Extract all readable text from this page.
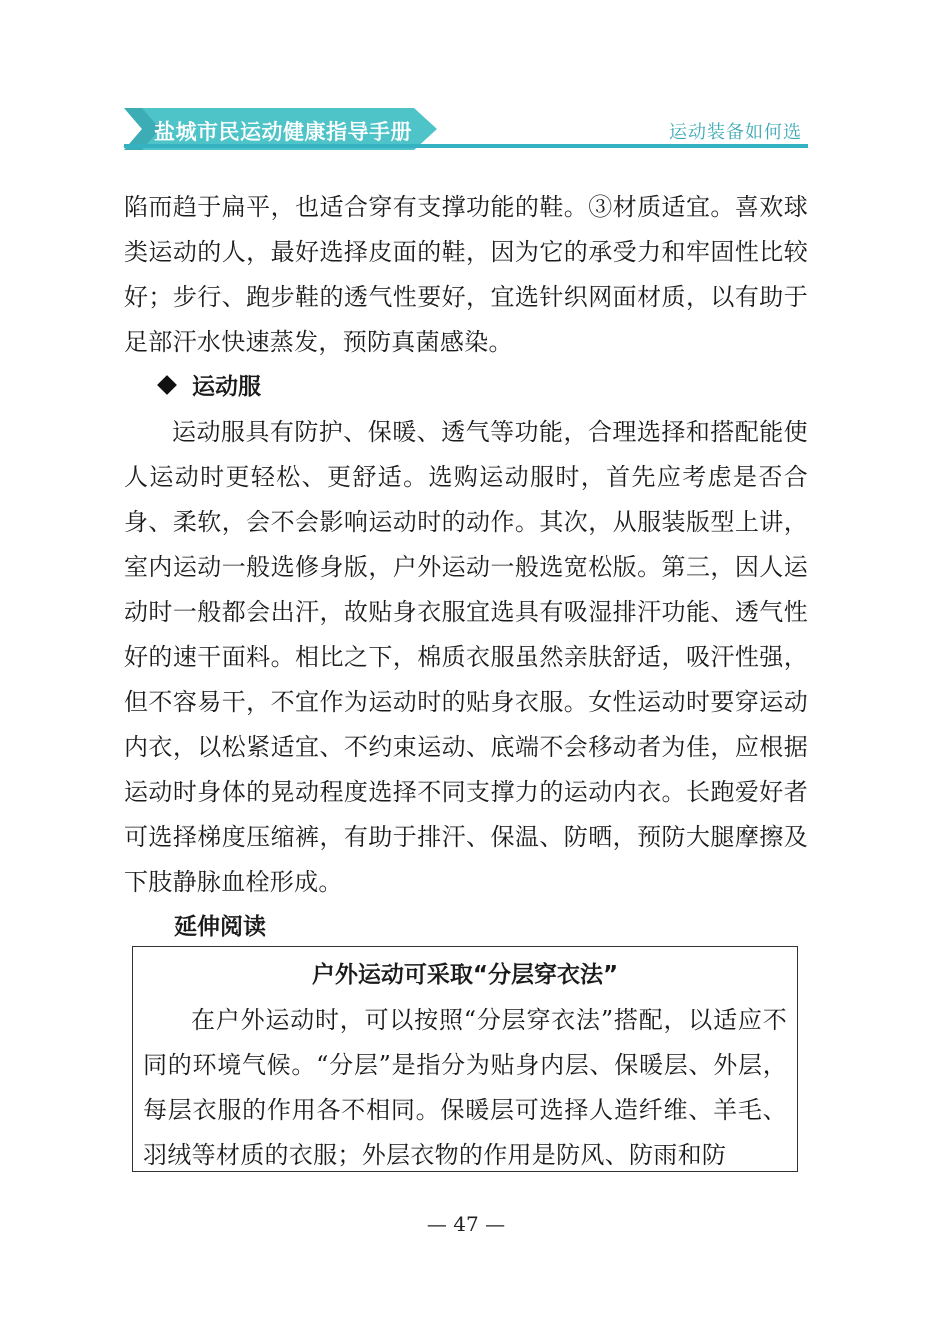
盐城市民运动健康指导手册	运动装备如何选

陷而趋于扁平，也适合穿有支撑功能的鞋。③材质适宜。喜欢球类运动的人，最好选择皮面的鞋，因为它的承受力和牢固性比较好；步行、跑步鞋的透气性要好，宜选针织网面材质，以有助于足部汗水快速蒸发，预防真菌感染。

运动服

运动服具有防护、保暖、透气等功能，合理选择和搭配能使人运动时更轻松、更舒适。选购运动服时，首先应考虑是否合身、柔软，会不会影响运动时的动作。其次，从服装版型上讲，室内运动一般选修身版，户外运动一般选宽松版。第三，因人运动时一般都会出汗，故贴身衣服宜选具有吸湿排汗功能、透气性好的速干面料。相比之下，棉质衣服虽然亲肤舒适，吸汗性强，但不容易干，不宜作为运动时的贴身衣服。女性运动时要穿运动内衣，以松紧适宜、不约束运动、底端不会移动者为佳，应根据运动时身体的晃动程度选择不同支撑力的运动内衣。长跑爱好者可选择梯度压缩裤，有助于排汗、保温、防晒，预防大腿摩擦及下肢静脉血栓形成。

延伸阅读

户外运动可采取“分层穿衣法”

在户外运动时，可以按照“分层穿衣法”搭配，以适应不同的环境气候。“分层”是指分为贴身内层、保暖层、外层，每层衣服的作用各不相同。保暖层可选择人造纤维、羊毛、羽绒等材质的衣服；外层衣物的作用是防风、防雨和防

— 47 —
